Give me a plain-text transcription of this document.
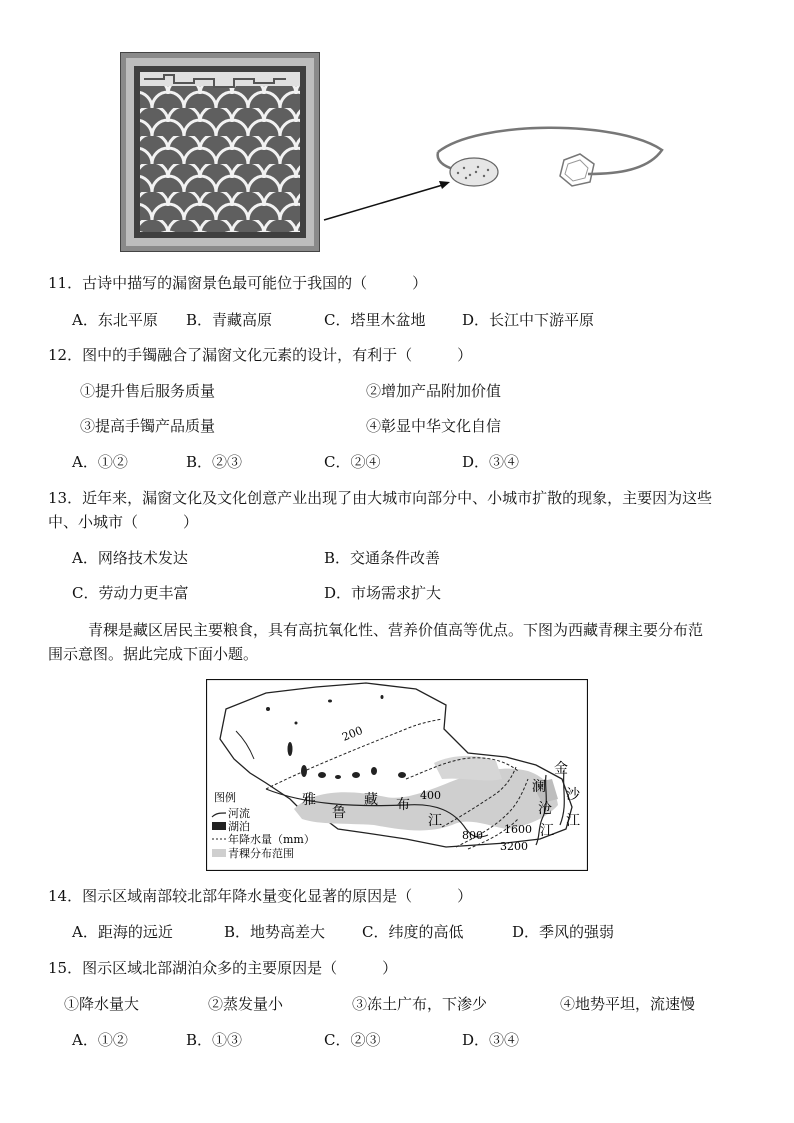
11．古诗中描写的漏窗景色最可能位于我国的（　　　）
A．东北平原 B．青藏高原	C．塔里木盆地 D．长江中下游平原
12．图中的手镯融合了漏窗文化元素的设计，有利于（　　　）
①提升售后服务质量	②增加产品附加价值
③提高手镯产品质量	④彰显中华文化自信
A．①②	B．②③	C．②④	D．③④
13．近年来，漏窗文化及文化创意产业出现了由大城市向部分中、小城市扩散的现象，主要因为这些
中、小城市（　　　）
A．网络技术发达	B．交通条件改善
C．劳动力更丰富	D．市场需求扩大
青稞是藏区居民主要粮食，具有高抗氧化性、营养价值高等优点。下图为西藏青稞主要分布范
围示意图。据此完成下面小题。
200
400
800 1600
3200
雅
鲁
藏 布
江
澜
沧
江
金
沙
江
图例
河流
湖泊
年降水量（mm）
青稞分布范围
14．图示区域南部较北部年降水量变化显著的原因是（　　　）
A．距海的远近	B．地势高差大 C．纬度的高低	D．季风的强弱
15．图示区域北部湖泊众多的主要原因是（　　　）
①降水量大	②蒸发量小	③冻土广布，下渗少	④地势平坦，流速慢
A．①②	B．①③	C．②③	D．③④
